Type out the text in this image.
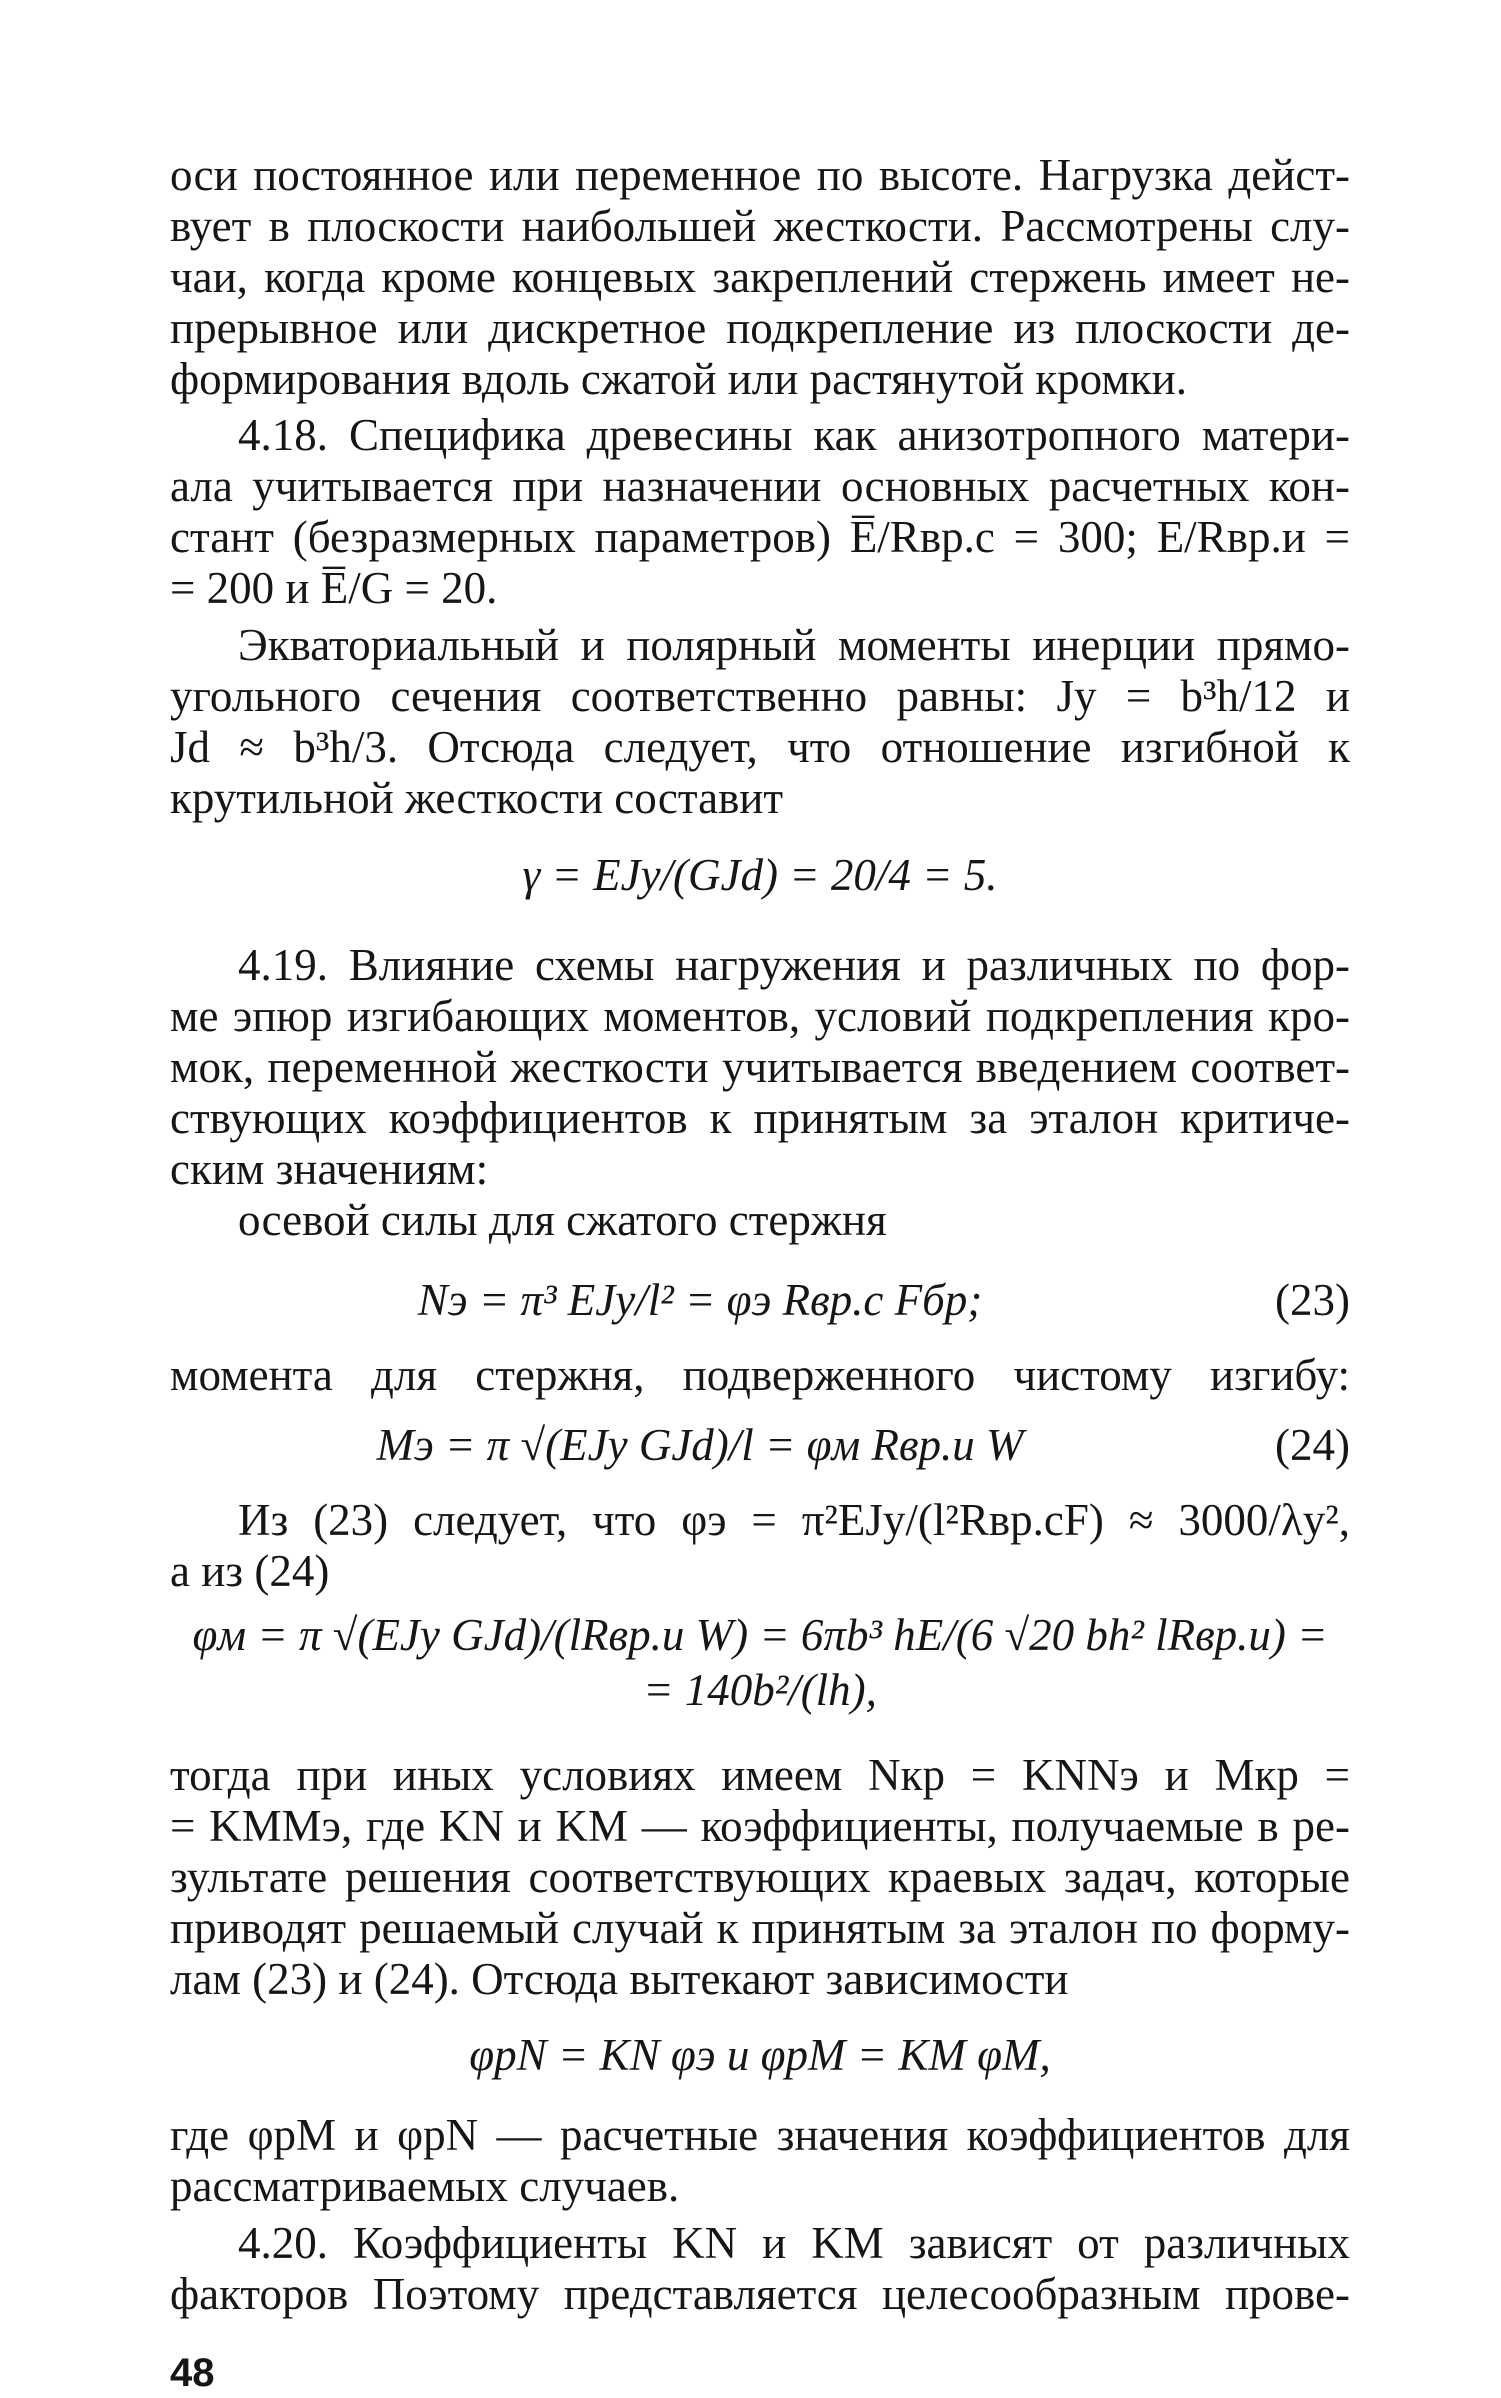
оси постоянное или переменное по высоте. Нагрузка дейст-
вует в плоскости наибольшей жесткости. Рассмотрены слу-
чаи, когда кроме концевых закреплений стержень имеет не-
прерывное или дискретное подкрепление из плоскости де-
формирования вдоль сжатой или растянутой кромки.
4.18. Специфика древесины как анизотропного матери-
ала учитывается при назначении основных расчетных кон-
стант (безразмерных параметров) E̅/Rвр.с = 300; E/Rвр.и =
= 200 и E̅/G = 20.
Экваториальный и полярный моменты инерции прямо-
угольного сечения соответственно равны: Jy = b³h/12 и
Jd ≈ b³h/3. Отсюда следует, что отношение изгибной к
крутильной жесткости составит
γ = EJy/(GJd) = 20/4 = 5.
4.19. Влияние схемы нагружения и различных по фор-
ме эпюр изгибающих моментов, условий подкрепления кро-
мок, переменной жесткости учитывается введением соответ-
ствующих коэффициентов к принятым за эталон критиче-
ским значениям:
осевой силы для сжатого стержня
Nэ = π³ EJy/l² = φэ Rвр.с Fбр;	(23)
момента для стержня, подверженного чистому изгибу:
Mэ = π √(EJy GJd)/l = φм Rвр.и W	(24)
Из (23) следует, что φэ = π²EJy/(l²Rвр.сF) ≈ 3000/λy²,
а из (24)
φм = π √(EJy GJd)/(lRвр.и W) = 6πb³ hE/(6 √20 bh² lRвр.и) =
= 140b²/(lh),
тогда при иных условиях имеем Nкр = KNNэ и Mкр =
= KMMэ, где KN и KM — коэффициенты, получаемые в ре-
зультате решения соответствующих краевых задач, которые
приводят решаемый случай к принятым за эталон по форму-
лам (23) и (24). Отсюда вытекают зависимости
φpN = KN φэ и φpM = KM φM,
где φpM и φpN — расчетные значения коэффициентов для
рассматриваемых случаев.
4.20. Коэффициенты KN и KM зависят от различных
факторов Поэтому представляется целесообразным прове-
48
